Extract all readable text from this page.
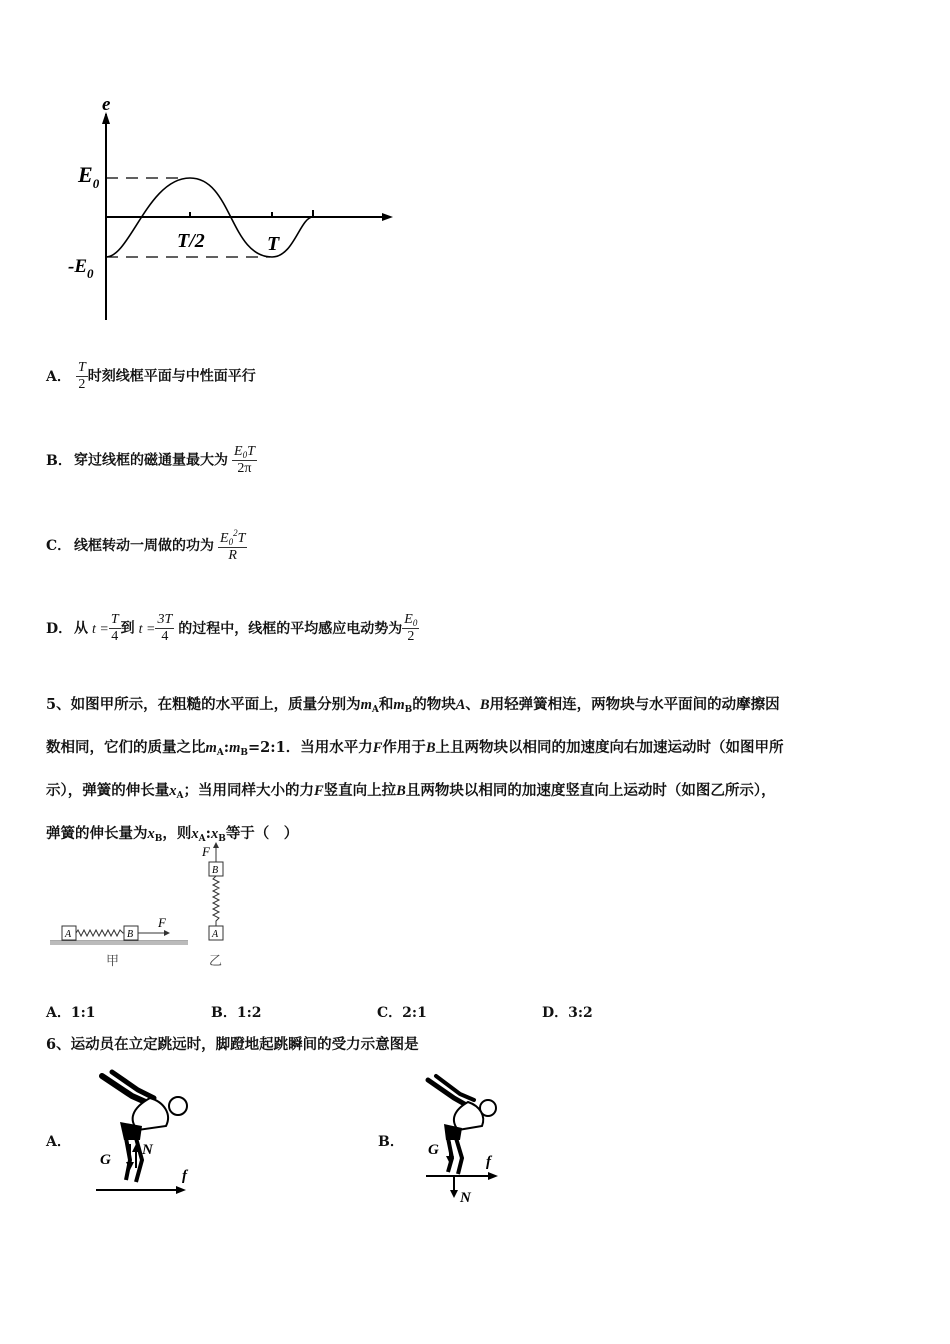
e
$E_0$
$-E_0$
T/2	T
A． $\frac{T}{2}$ 时刻线框平面与中性面平行
B． 穿过线框的磁通量最大为 $\frac{E_0T}{2\pi}$
C． 线框转动一周做的功为 $\frac{E_0^2T}{R}$
D． 从 $t = \frac{T}{4}$ 到 $t = \frac{3T}{4}$ 的过程中，线框的平均感应电动势为 $\frac{E_0}{2}$
5、如图甲所示，在粗糙的水平面上，质量分别为$m_A$和$m_B$的物块A、B用轻弹簧相连，两物块与水平面间的动摩擦因
数相同，它们的质量之比$m_A:m_B=2:1$．当用水平力F作用于B上且两物块以相同的加速度向右加速运动时（如图甲所
示），弹簧的伸长量$x_A$；当用同样大小的力F竖直向上拉B且两物块以相同的加速度竖直向上运动时（如图乙所示），
弹簧的伸长量为$x_B$，则$x_A:x_B$等于（　）
A	B
F
甲
F
B
A
乙
A．1:1	B．1:2	C．2:1	D．3:2
6、运动员在立定跳远时，脚蹬地起跳瞬间的受力示意图是
A．
G
N
f
B． G
N
f
